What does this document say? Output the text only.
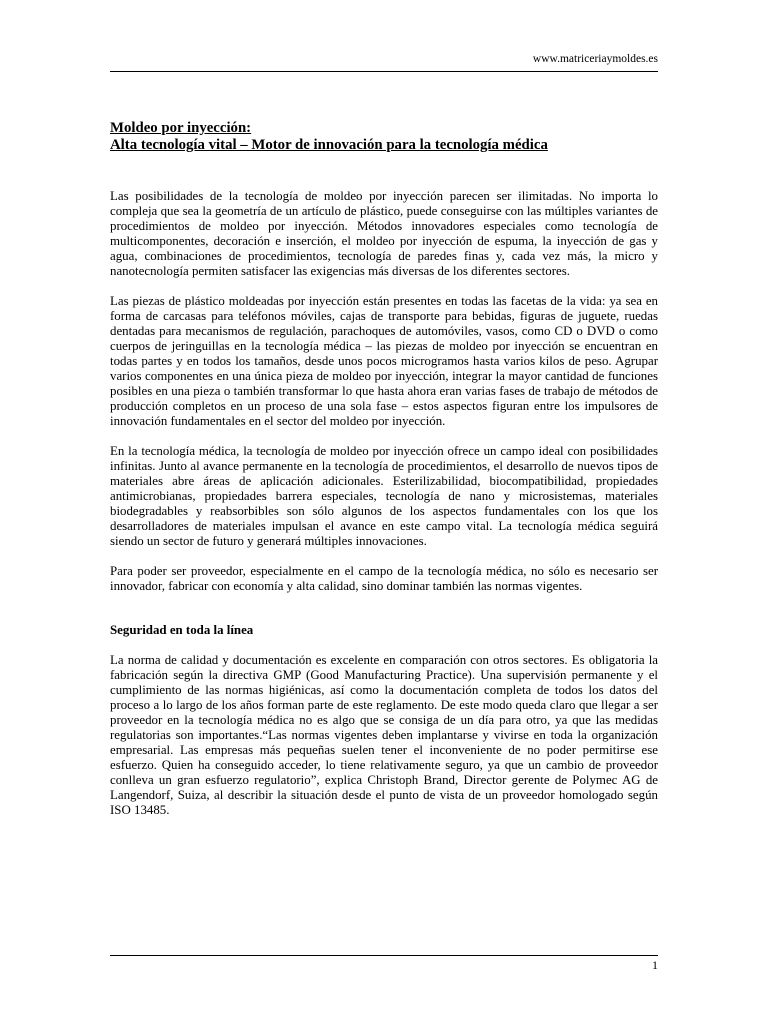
www.matriceriaymoldes.es
Moldeo por inyección:
Alta tecnología vital – Motor de innovación para la tecnología médica

Las posibilidades de la tecnología de moldeo por inyección parecen ser ilimitadas. No importa lo compleja que sea la geometría de un artículo de plástico, puede conseguirse con las múltiples variantes de procedimientos de moldeo por inyección. Métodos innovadores especiales como tecnología de multicomponentes, decoración e inserción, el moldeo por inyección de espuma, la inyección de gas y agua, combinaciones de procedimientos, tecnología de paredes finas y, cada vez más, la micro y nanotecnología permiten satisfacer las exigencias más diversas de los diferentes sectores.

Las piezas de plástico moldeadas por inyección están presentes en todas las facetas de la vida: ya sea en forma de carcasas para teléfonos móviles, cajas de transporte para bebidas, figuras de juguete, ruedas dentadas para mecanismos de regulación, parachoques de automóviles, vasos, como CD o DVD o como cuerpos de jeringuillas en la tecnología médica – las piezas de moldeo por inyección se encuentran en todas partes y en todos los tamaños, desde unos pocos microgramos hasta varios kilos de peso. Agrupar varios componentes en una única pieza de moldeo por inyección, integrar la mayor cantidad de funciones posibles en una pieza o también transformar lo que hasta ahora eran varias fases de trabajo de métodos de producción completos en un proceso de una sola fase – estos aspectos figuran entre los impulsores de innovación fundamentales en el sector del moldeo por inyección.

En la tecnología médica, la tecnología de moldeo por inyección ofrece un campo ideal con posibilidades infinitas. Junto al avance permanente en la tecnología de procedimientos, el desarrollo de nuevos tipos de materiales abre áreas de aplicación adicionales. Esterilizabilidad, biocompatibilidad, propiedades antimicrobianas, propiedades barrera especiales, tecnología de nano y microsistemas, materiales biodegradables y reabsorbibles son sólo algunos de los aspectos fundamentales con los que los desarrolladores de materiales impulsan el avance en este campo vital. La tecnología médica seguirá siendo un sector de futuro y generará múltiples innovaciones.

Para poder ser proveedor, especialmente en el campo de la tecnología médica, no sólo es necesario ser innovador, fabricar con economía y alta calidad, sino dominar también las normas vigentes.

Seguridad en toda la línea

La norma de calidad y documentación es excelente en comparación con otros sectores. Es obligatoria la fabricación según la directiva GMP (Good Manufacturing Practice). Una supervisión permanente y el cumplimiento de las normas higiénicas, así como la documentación completa de todos los datos del proceso a lo largo de los años forman parte de este reglamento. De este modo queda claro que llegar a ser proveedor en la tecnología médica no es algo que se consiga de un día para otro, ya que las medidas regulatorias son importantes.“Las normas vigentes deben implantarse y vivirse en toda la organización empresarial. Las empresas más pequeñas suelen tener el inconveniente de no poder permitirse ese esfuerzo. Quien ha conseguido acceder, lo tiene relativamente seguro, ya que un cambio de proveedor conlleva un gran esfuerzo regulatorio”, explica Christoph Brand, Director gerente de Polymec AG de Langendorf, Suiza, al describir la situación desde el punto de vista de un proveedor homologado según ISO 13485.

1
